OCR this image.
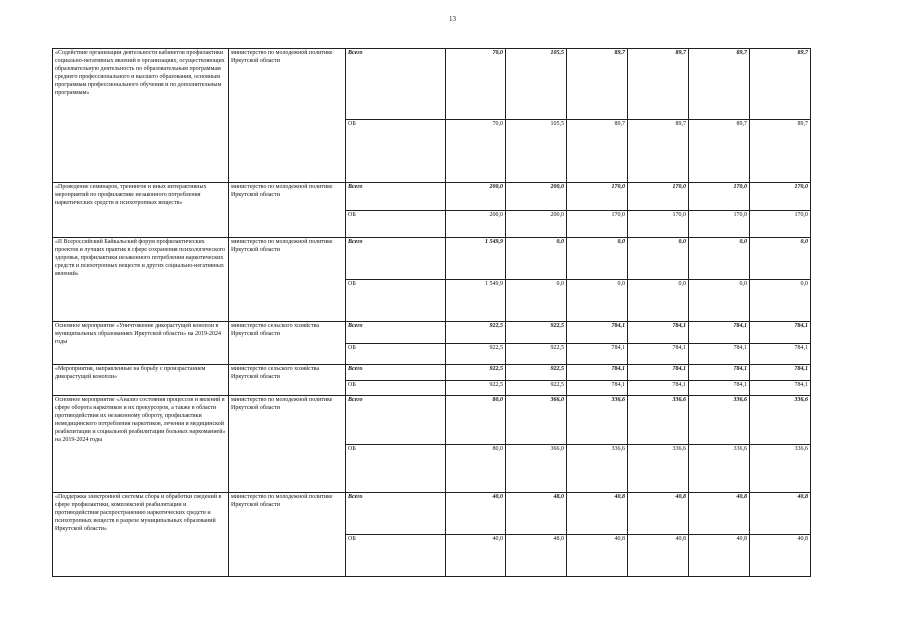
13
«Содействие организации деятельности кабинетов профилактики социально-негативных явлений в организациях, осуществляющих образовательную деятельность по образовательным программам среднего профессионального и высшего образования, основным программам профессионального обучения и по дополнительным программам»	министерство по молодежной политике Иркутской области	Всего	70,0	105,5	89,7	89,7	89,7	89,7
		ОБ	70,0	105,5	89,7	89,7	89,7	89,7
«Проведение семинаров, тренингов и иных интерактивных мероприятий по профилактике незаконного потребления наркотических средств и психотропных веществ»	министерство по молодежной политике Иркутской области	Всего	200,0	200,0	170,0	170,0	170,0	170,0
		ОБ	200,0	200,0	170,0	170,0	170,0	170,0
«II Всероссийский Байкальский форум профилактических проектов и лучших практик в сфере сохранения психологического здоровья, профилактики незаконного потребления наркотических средств и психотропных веществ и других социально-негативных явлений»	министерство по молодежной политике Иркутской области	Всего	1 549,9	0,0	0,0	0,0	0,0	0,0
		ОБ	1 549,9	0,0	0,0	0,0	0,0	0,0
Основное мероприятие «Уничтожение дикорастущей конопли в муниципальных образованиях Иркутской области» на 2019-2024 годы	министерство сельского хозяйства Иркутской области	Всего	922,5	922,5	784,1	784,1	784,1	784,1
		ОБ	922,5	922,5	784,1	784,1	784,1	784,1
«Мероприятия, направленные на борьбу с произрастанием дикорастущей конопли»	министерство сельского хозяйства Иркутской области	Всего	922,5	922,5	784,1	784,1	784,1	784,1
		ОБ	922,5	922,5	784,1	784,1	784,1	784,1
Основное мероприятие «Анализ состояния процессов и явлений в сфере оборота наркотиков и их прекурсоров, а также в области противодействия их незаконному обороту, профилактики немедицинского потребления наркотиков, лечения и медицинской реабилитации и социальной реабилитации больных наркоманией» на 2019-2024 годы	министерство по молодежной политике Иркутской области	Всего	80,0	366,0	336,6	336,6	336,6	336,6
		ОБ	80,0	366,0	336,6	336,6	336,6	336,6
«Поддержка электронной системы сбора и обработки сведений в сфере профилактики, комплексной реабилитации и противодействия распространению наркотических средств и психотропных веществ в разрезе муниципальных образований Иркутской области»	министерство по молодежной политике Иркутской области	Всего	40,0	48,0	40,8	40,8	40,8	40,8
		ОБ	40,0	48,0	40,8	40,8	40,8	40,8
